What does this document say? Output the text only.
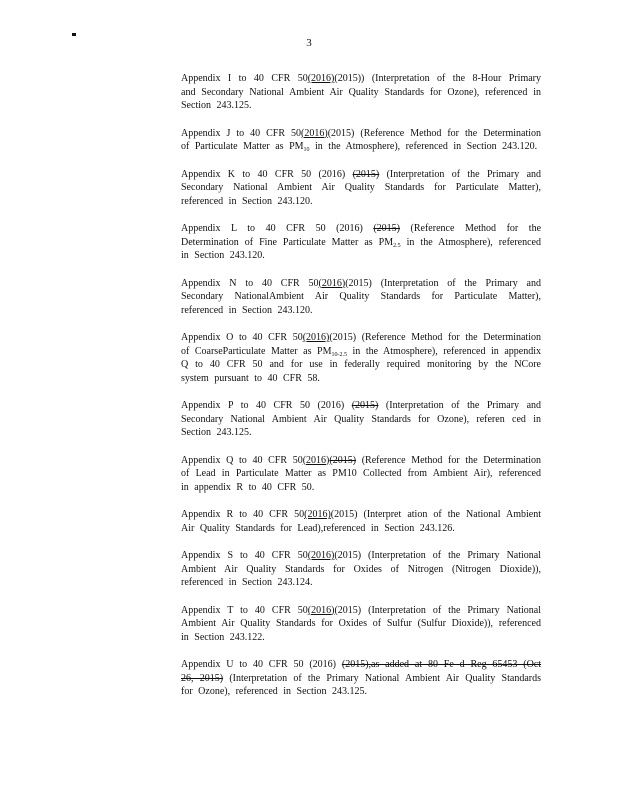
3

Appendix I to 40 CFR 50(2016)(2015)) (Interpretation of the 8-Hour Primary and Secondary National Ambient Air Quality Standards for Ozone), referenced in Section 243.125.

Appendix J to 40 CFR 50(2016)(2015) (Reference Method for the Determination of Particulate Matter as $PM_{10}$ in the Atmosphere), referenced in Section 243.120.

Appendix K to 40 CFR 50 (2016) (2015) (Interpretation of the Primary and Secondary National Ambient Air Quality Standards for Particulate Matter), referenced in Section 243.120.

Appendix L to 40 CFR 50 (2016) (2015) (Reference Method for the Determination of Fine Particulate Matter as $PM_{2.5}$ in the Atmosphere), referenced in Section 243.120.

Appendix N to 40 CFR 50(2016)(2015) (Interpretation of the Primary and Secondary NationalAmbient Air Quality Standards for Particulate Matter), referenced in Section 243.120.

Appendix O to 40 CFR 50(2016)(2015) (Reference Method for the Determination of CoarseParticulate Matter as $PM_{10-2.5}$ in the Atmosphere), referenced in appendix Q to 40 CFR 50 and for use in federally required monitoring by the NCore system pursuant to 40 CFR 58.

Appendix P to 40 CFR 50 (2016) (2015) (Interpretation of the Primary and Secondary National Ambient Air Quality Standards for Ozone), referen ced in Section 243.125.

Appendix Q to 40 CFR 50(2016)(2015) (Reference Method for the Determination of Lead in Particulate Matter as PM10 Collected from Ambient Air), referenced in appendix R to 40 CFR 50.

Appendix R to 40 CFR 50(2016)(2015) (Interpret ation of the National Ambient Air Quality Standards for Lead),referenced in Section 243.126.

Appendix S to 40 CFR 50(2016)(2015) (Interpretation of the Primary National Ambient Air Quality Standards for Oxides of Nitrogen (Nitrogen Dioxide)), referenced in Section 243.124.

Appendix T to 40 CFR 50(2016)(2015) (Interpretation of the Primary National Ambient Air Quality Standards for Oxides of Sulfur (Sulfur Dioxide)), referenced in Section 243.122.

Appendix U to 40 CFR 50 (2016) (2015),as added at 80 Fe d Reg 65453 (Oct 26, 2015) (Interpretation of the Primary National Ambient Air Quality Standards for Ozone), referenced in Section 243.125.
